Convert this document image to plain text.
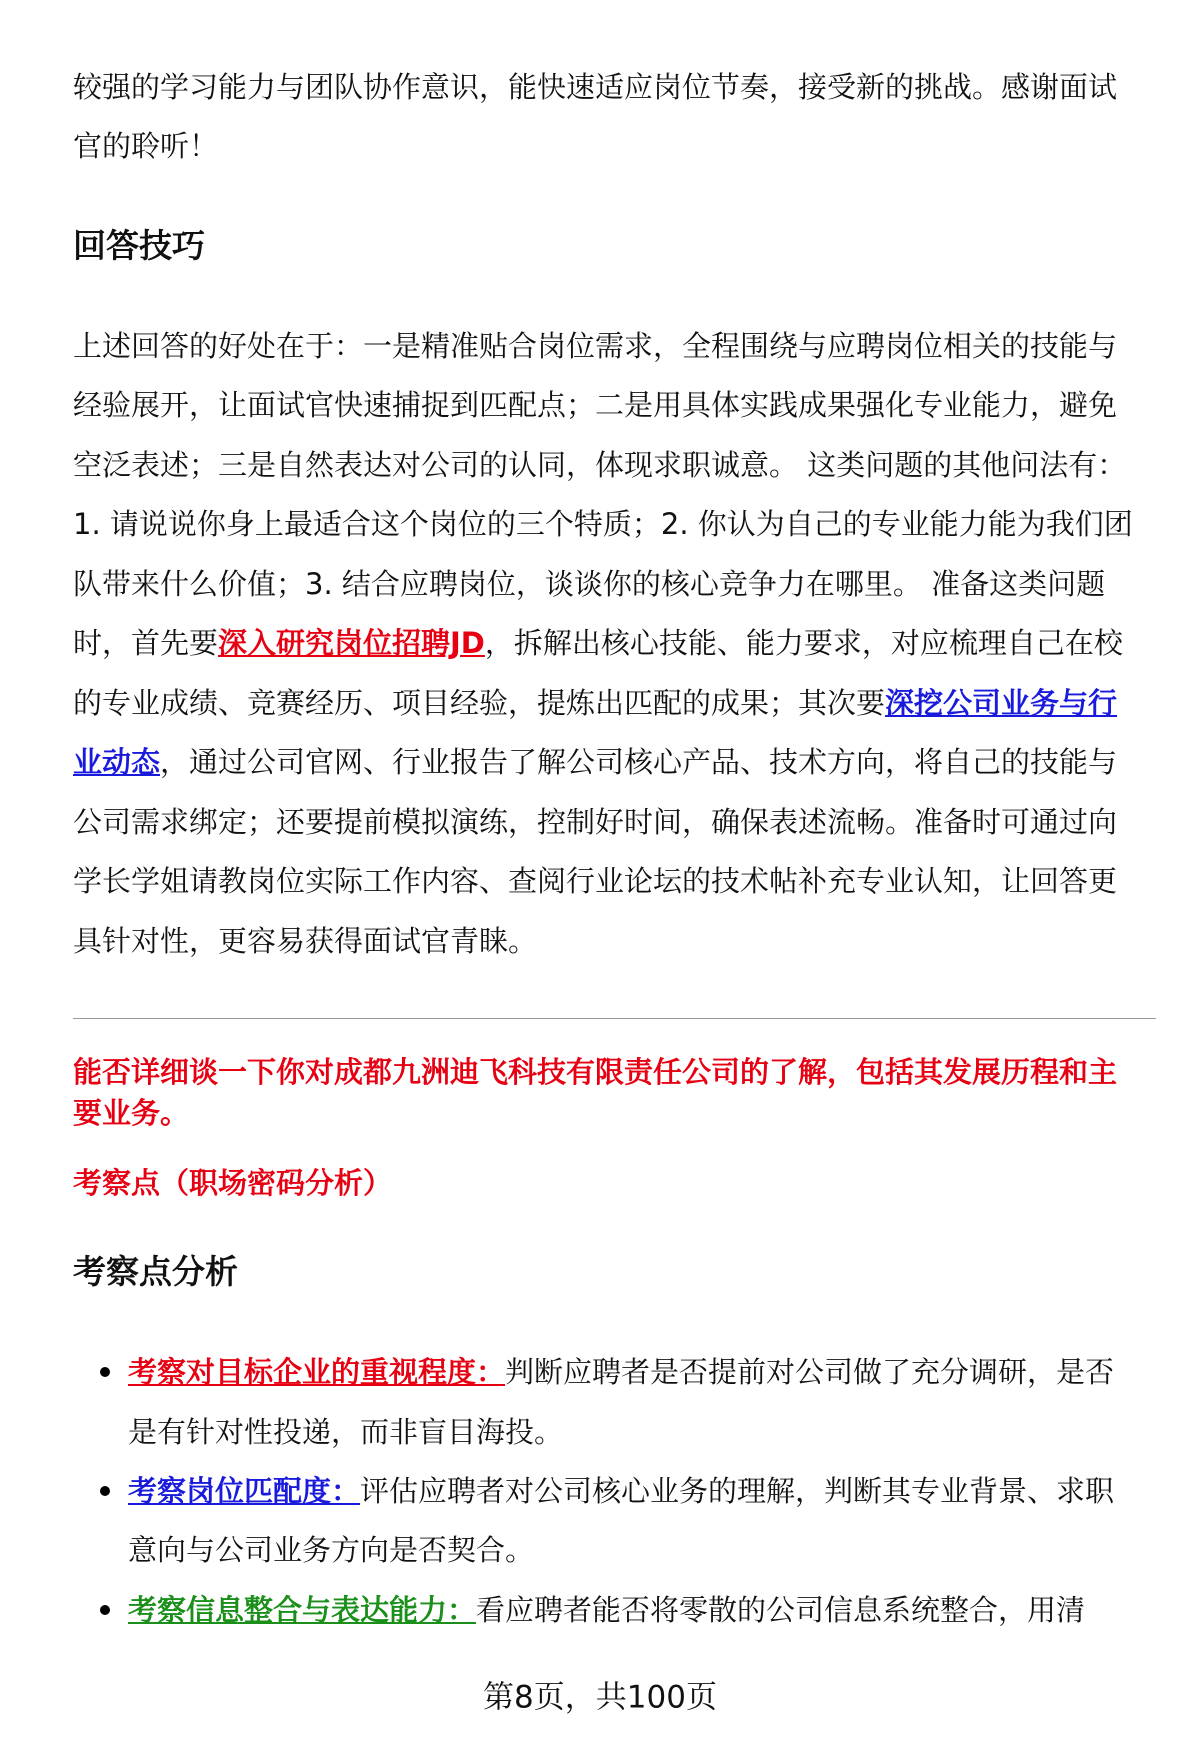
较强的学习能力与团队协作意识，能快速适应岗位节奏，接受新的挑战。感谢面试
官的聆听！
回答技巧
上述回答的好处在于：一是精准贴合岗位需求，全程围绕与应聘岗位相关的技能与
经验展开，让面试官快速捕捉到匹配点；二是用具体实践成果强化专业能力，避免
空泛表述；三是自然表达对公司的认同，体现求职诚意。 这类问题的其他问法有：
1. 请说说你身上最适合这个岗位的三个特质；2. 你认为自己的专业能力能为我们团
队带来什么价值；3. 结合应聘岗位，谈谈你的核心竞争力在哪里。 准备这类问题
时，首先要深入研究岗位招聘JD，拆解出核心技能、能力要求，对应梳理自己在校
的专业成绩、竞赛经历、项目经验，提炼出匹配的成果；其次要深挖公司业务与行
业动态，通过公司官网、行业报告了解公司核心产品、技术方向，将自己的技能与
公司需求绑定；还要提前模拟演练，控制好时间，确保表述流畅。准备时可通过向
学长学姐请教岗位实际工作内容、查阅行业论坛的技术帖补充专业认知，让回答更
具针对性，更容易获得面试官青睐。
能否详细谈一下你对成都九洲迪飞科技有限责任公司的了解，包括其发展历程和主
要业务。
考察点（职场密码分析）
考察点分析
考察对目标企业的重视程度：判断应聘者是否提前对公司做了充分调研，是否
是有针对性投递，而非盲目海投。
考察岗位匹配度：评估应聘者对公司核心业务的理解，判断其专业背景、求职
意向与公司业务方向是否契合。
考察信息整合与表达能力：看应聘者能否将零散的公司信息系统整合，用清
第8页，共100页
